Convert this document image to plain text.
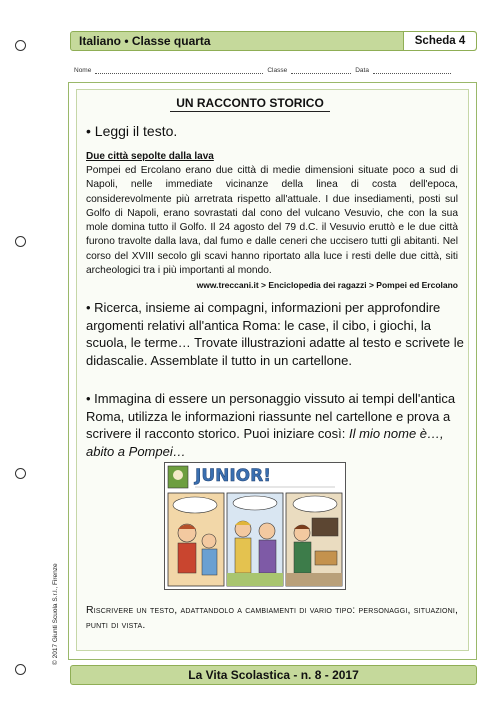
Italiano • Classe quarta	Scheda 4
Nome	Classe	Data
UN RACCONTO STORICO
• Leggi il testo.
Due città sepolte dalla lava
Pompei ed Ercolano erano due città di medie dimensioni situate poco a sud di Napoli, nelle immediate vicinanze della linea di costa dell'epoca, considerevolmente più arretrata rispetto all'attuale. I due insediamenti, posti sul Golfo di Napoli, erano sovrastati dal cono del vulcano Vesuvio, che con la sua mole domina tutto il Golfo. Il 24 agosto del 79 d.C. il Vesuvio eruttò e le due città furono travolte dalla lava, dal fumo e dalle ceneri che uccisero tutti gli abitanti. Nel corso del XVIII secolo gli scavi hanno riportato alla luce i resti delle due città, siti archeologici tra i più importanti al mondo.
www.treccani.it > Enciclopedia dei ragazzi > Pompei ed Ercolano
• Ricerca, insieme ai compagni, informazioni per approfondire argomenti relativi all'antica Roma: le case, il cibo, i giochi, la scuola, le terme… Trovate illustrazioni adatte al testo e scrivete le didascalie. Assemblate il tutto in un cartellone.
• Immagina di essere un personaggio vissuto ai tempi dell'antica Roma, utilizza le informazioni riassunte nel cartellone e prova a scrivere il racconto storico. Puoi iniziare così: Il mio nome è…, abito a Pompei…
JUNIOR!
Riscrivere un testo, adattandolo a cambiamenti di vario tipo: personaggi, situazioni, punti di vista.
La Vita Scolastica - n. 8 - 2017
© 2017 Giunti Scuola S.r.l., Firenze
